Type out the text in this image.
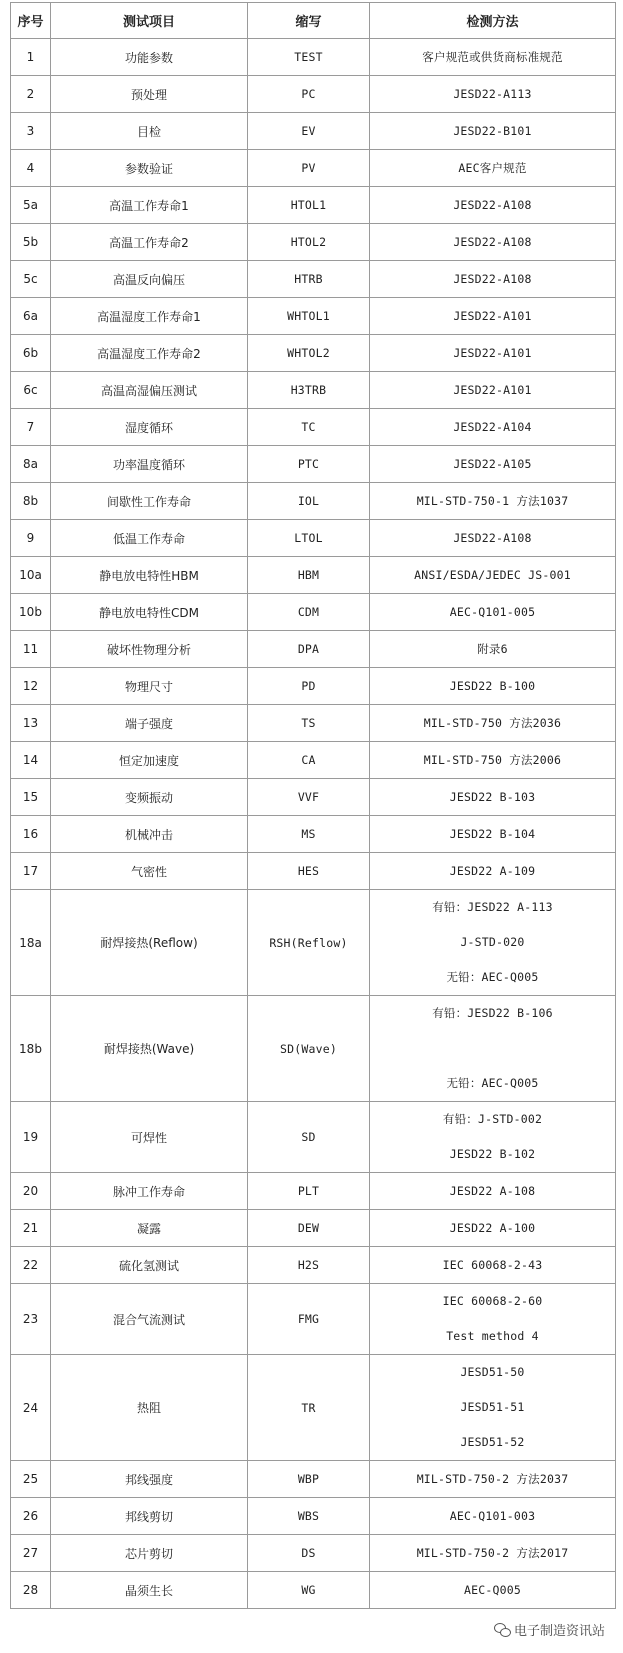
序号	测试项目	缩写	检测方法
1	功能参数	TEST	客户规范或供货商标准规范
2	预处理	PC	JESD22-A113
3	目检	EV	JESD22-B101
4	参数验证	PV	AEC客户规范
5a	高温工作寿命1	HTOL1	JESD22-A108
5b	高温工作寿命2	HTOL2	JESD22-A108
5c	高温反向偏压	HTRB	JESD22-A108
6a	高温湿度工作寿命1	WHTOL1	JESD22-A101
6b	高温湿度工作寿命2	WHTOL2	JESD22-A101
6c	高温高湿偏压测试	H3TRB	JESD22-A101
7	湿度循环	TC	JESD22-A104
8a	功率温度循环	PTC	JESD22-A105
8b	间歇性工作寿命	IOL	MIL-STD-750-1 方法1037
9	低温工作寿命	LTOL	JESD22-A108
10a	静电放电特性HBM	HBM	ANSI/ESDA/JEDEC JS-001
10b	静电放电特性CDM	CDM	AEC-Q101-005
11	破坏性物理分析	DPA	附录6
12	物理尺寸	PD	JESD22 B-100
13	端子强度	TS	MIL-STD-750 方法2036
14	恒定加速度	CA	MIL-STD-750 方法2006
15	变频振动	VVF	JESD22 B-103
16	机械冲击	MS	JESD22 B-104
17	气密性	HES	JESD22 A-109
18a	耐焊接热(Reflow)	RSH(Reflow)	有铅：JESD22 A-113
J-STD-020
无铅：AEC-Q005

18b	耐焊接热(Wave)	SD(Wave)	有铅：JESD22 B-106
无铅：AEC-Q005

19	可焊性	SD	有铅：J-STD-002
JESD22 B-102

20	脉冲工作寿命	PLT	JESD22 A-108
21	凝露	DEW	JESD22 A-100
22	硫化氢测试	H2S	IEC 60068-2-43
23	混合气流测试	FMG	IEC 60068-2-60
Test method 4

24	热阻	TR	JESD51-50
JESD51-51
JESD51-52

25	邦线强度	WBP	MIL-STD-750-2 方法2037
26	邦线剪切	WBS	AEC-Q101-003
27	芯片剪切	DS	MIL-STD-750-2 方法2017
28	晶须生长	WG	AEC-Q005
电子制造资讯站
